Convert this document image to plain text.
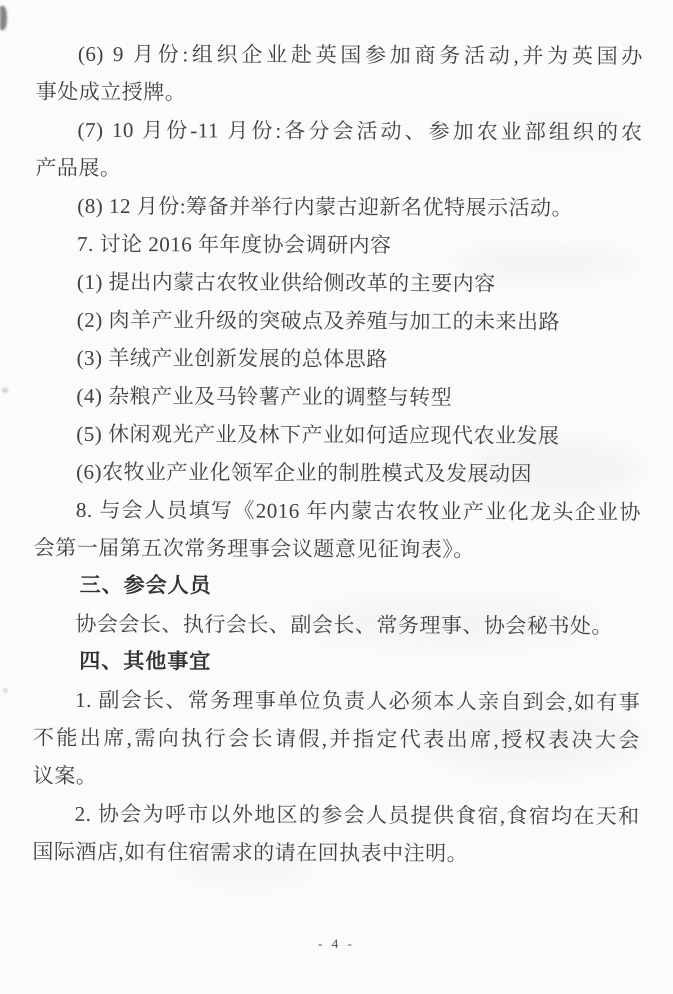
(6) 9 月份:组织企业赴英国参加商务活动,并为英国办
事处成立授牌。
(7) 10 月份-11 月份:各分会活动、参加农业部组织的农
产品展。
(8) 12 月份:筹备并举行内蒙古迎新名优特展示活动。
7. 讨论 2016 年年度协会调研内容
(1) 提出内蒙古农牧业供给侧改革的主要内容
(2) 肉羊产业升级的突破点及养殖与加工的未来出路
(3) 羊绒产业创新发展的总体思路
(4) 杂粮产业及马铃薯产业的调整与转型
(5) 休闲观光产业及林下产业如何适应现代农业发展
(6)农牧业产业化领军企业的制胜模式及发展动因
8. 与会人员填写《2016 年内蒙古农牧业产业化龙头企业协
会第一届第五次常务理事会议题意见征询表》。
三、参会人员
协会会长、执行会长、副会长、常务理事、协会秘书处。
四、其他事宜
1. 副会长、常务理事单位负责人必须本人亲自到会,如有事
不能出席,需向执行会长请假,并指定代表出席,授权表决大会
议案。
2. 协会为呼市以外地区的参会人员提供食宿,食宿均在天和
国际酒店,如有住宿需求的请在回执表中注明。
- 4 -
